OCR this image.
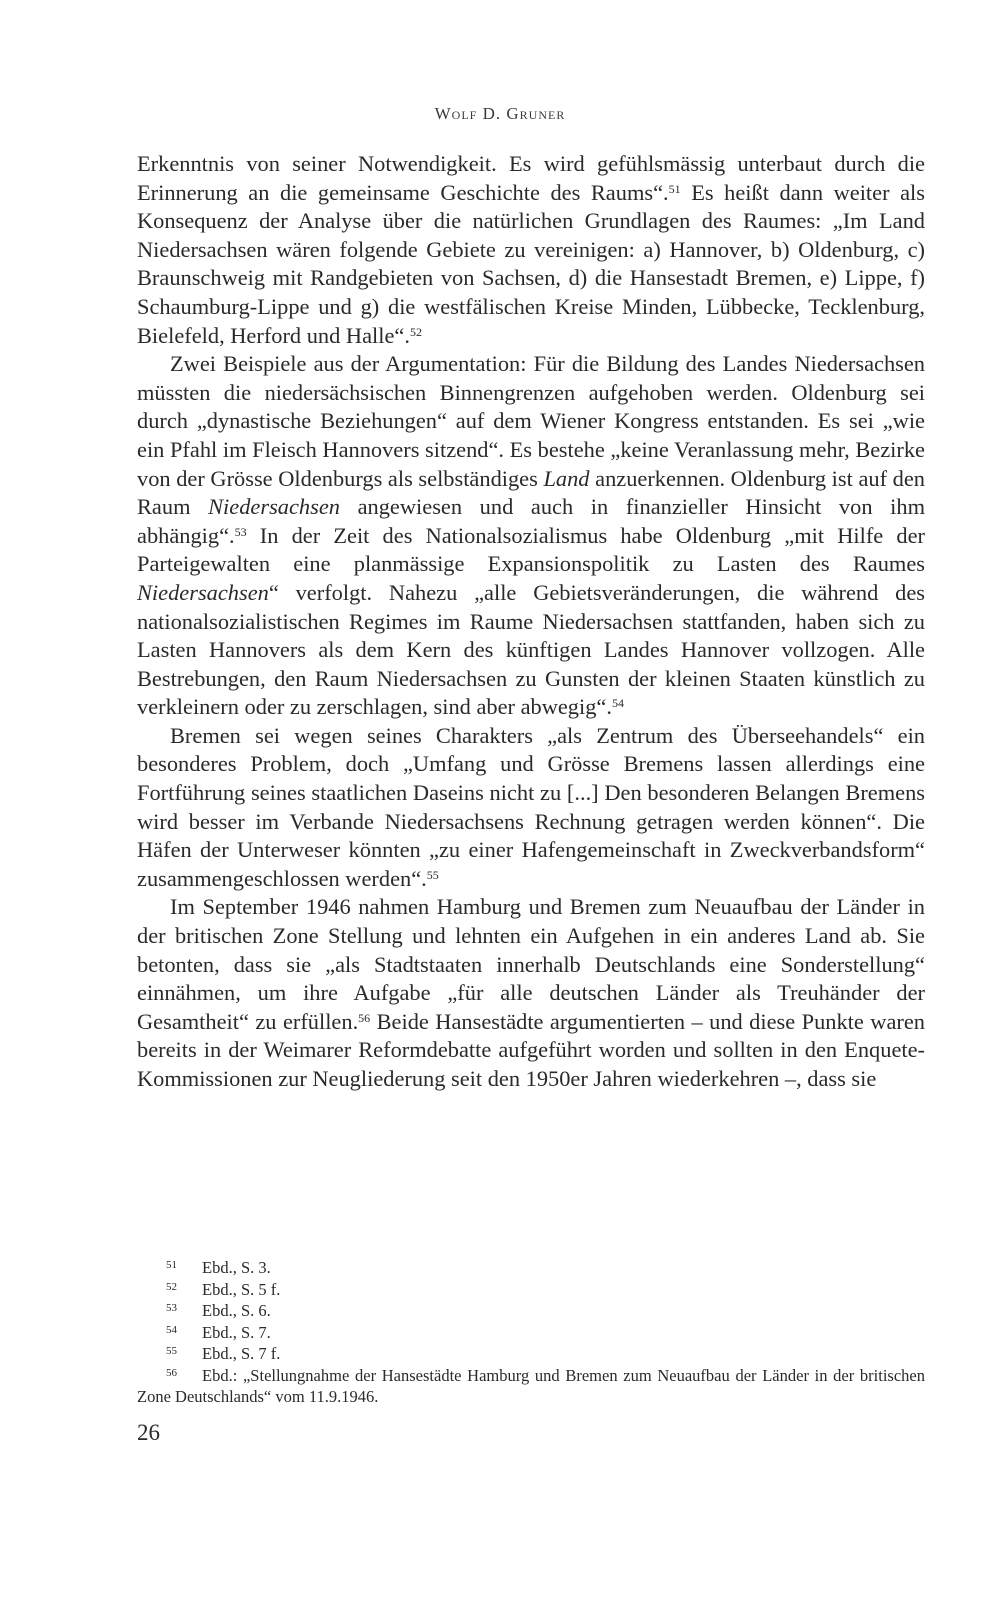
Wolf D. Gruner

Erkenntnis von seiner Notwendigkeit. Es wird gefühlsmässig unterbaut durch die Erinnerung an die gemeinsame Geschichte des Raums“.$^{51}$ Es heißt dann weiter als Konsequenz der Analyse über die natürlichen Grundlagen des Raumes: „Im Land Niedersachsen wären folgende Gebiete zu vereinigen: a) Hannover, b) Oldenburg, c) Braunschweig mit Randgebieten von Sachsen, d) die Hansestadt Bremen, e) Lippe, f) Schaumburg-Lippe und g) die westfälischen Kreise Minden, Lübbecke, Tecklenburg, Bielefeld, Herford und Halle“.$^{52}$

Zwei Beispiele aus der Argumentation: Für die Bildung des Landes Niedersachsen müssten die niedersächsischen Binnengrenzen aufgehoben werden. Oldenburg sei durch „dynastische Beziehungen“ auf dem Wiener Kongress entstanden. Es sei „wie ein Pfahl im Fleisch Hannovers sitzend“. Es bestehe „keine Veranlassung mehr, Bezirke von der Grösse Oldenburgs als selbständiges Land anzuerkennen. Oldenburg ist auf den Raum Niedersachsen angewiesen und auch in finanzieller Hinsicht von ihm abhängig“.$^{53}$ In der Zeit des Nationalsozialismus habe Oldenburg „mit Hilfe der Parteigewalten eine planmässige Expansionspolitik zu Lasten des Raumes Niedersachsen“ verfolgt. Nahezu „alle Gebietsveränderungen, die während des nationalsozialistischen Regimes im Raume Niedersachsen stattfanden, haben sich zu Lasten Hannovers als dem Kern des künftigen Landes Hannover vollzogen. Alle Bestrebungen, den Raum Niedersachsen zu Gunsten der kleinen Staaten künstlich zu verkleinern oder zu zerschlagen, sind aber abwegig“.$^{54}$

Bremen sei wegen seines Charakters „als Zentrum des Überseehandels“ ein besonderes Problem, doch „Umfang und Grösse Bremens lassen allerdings eine Fortführung seines staatlichen Daseins nicht zu [...] Den besonderen Belangen Bremens wird besser im Verbande Niedersachsens Rechnung getragen werden können“. Die Häfen der Unterweser könnten „zu einer Hafengemeinschaft in Zweckverbandsform“ zusammengeschlossen werden“.$^{55}$

Im September 1946 nahmen Hamburg und Bremen zum Neuaufbau der Länder in der britischen Zone Stellung und lehnten ein Aufgehen in ein anderes Land ab. Sie betonten, dass sie „als Stadtstaaten innerhalb Deutschlands eine Sonderstellung“ einnähmen, um ihre Aufgabe „für alle deutschen Länder als Treuhänder der Gesamtheit“ zu erfüllen.$^{56}$ Beide Hansestädte argumentierten – und diese Punkte waren bereits in der Weimarer Reformdebatte aufgeführt worden und sollten in den Enquete-Kommissionen zur Neugliederung seit den 1950er Jahren wiederkehren –, dass sie

51 Ebd., S. 3.
52 Ebd., S. 5 f.
53 Ebd., S. 6.
54 Ebd., S. 7.
55 Ebd., S. 7 f.
56 Ebd.: „Stellungnahme der Hansestädte Hamburg und Bremen zum Neuaufbau der Länder in der britischen Zone Deutschlands“ vom 11.9.1946.
26
